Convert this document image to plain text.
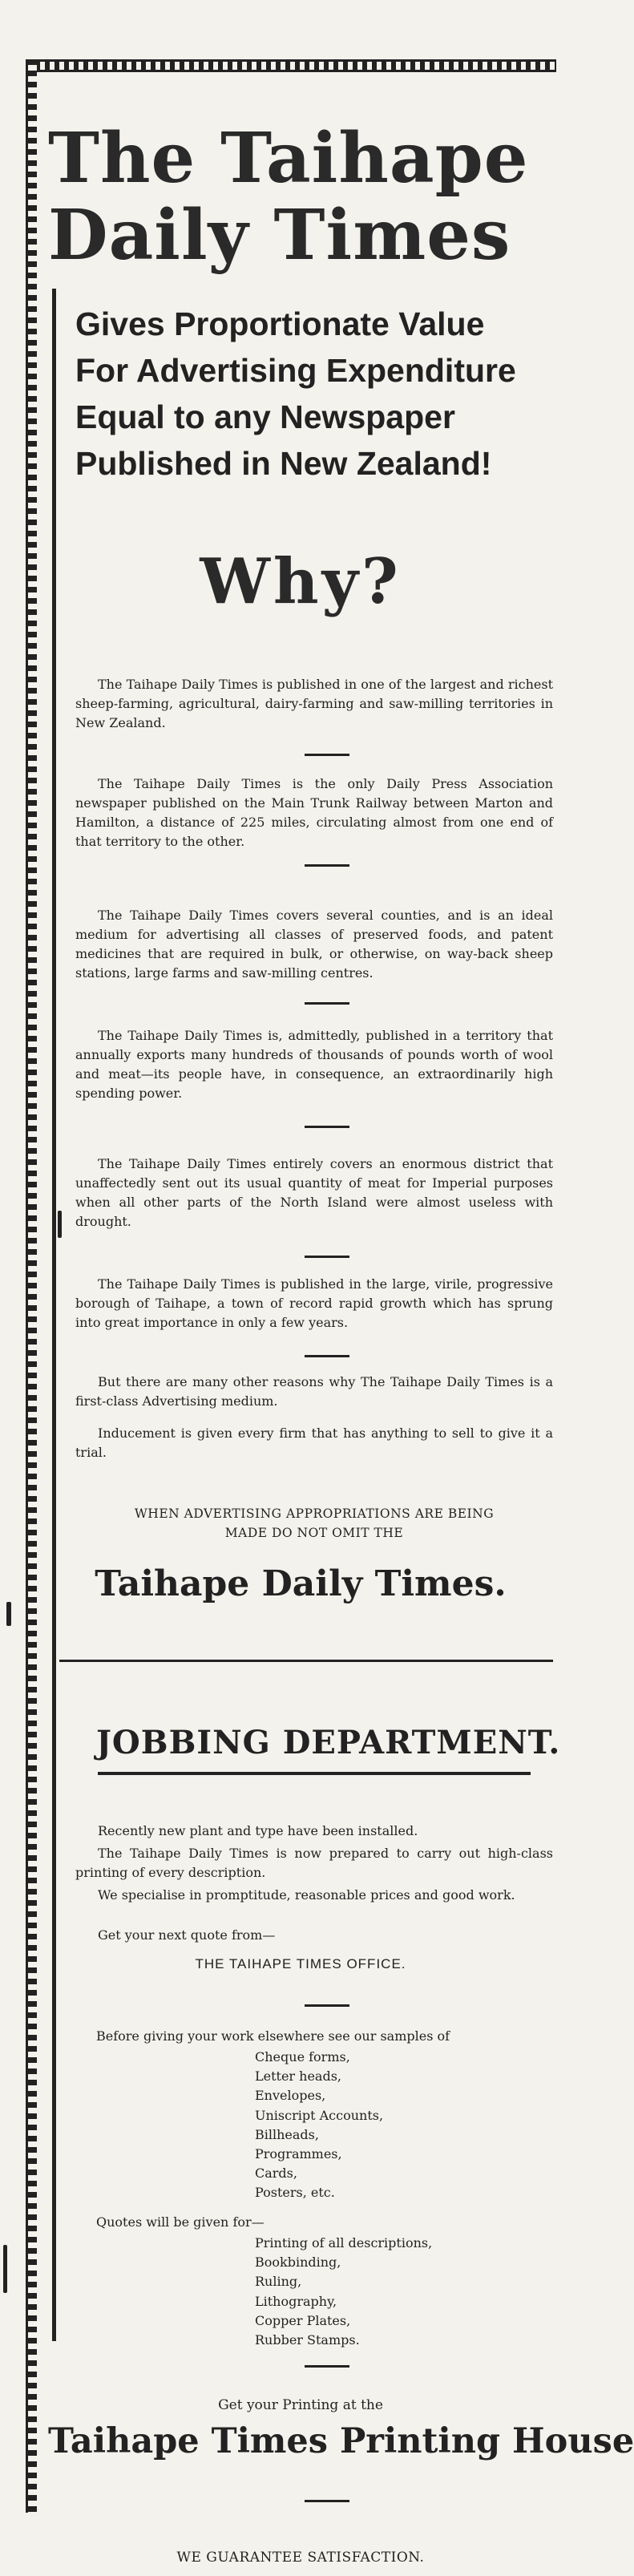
The Taihape
Daily Times
Gives Proportionate Value
For Advertising Expenditure
Equal to any Newspaper
Published in New Zealand!
Why?

The Taihape Daily Times is published in one of the largest and richest sheep-farming, agricultural, dairy-farming and saw-milling territories in New Zealand.

The Taihape Daily Times is the only Daily Press Association newspaper published on the Main Trunk Railway between Marton and Hamilton, a distance of 225 miles, circulating almost from one end of that territory to the other.

The Taihape Daily Times covers several counties, and is an ideal medium for advertising all classes of preserved foods, and patent medicines that are required in bulk, or otherwise, on way-back sheep stations, large farms and saw-milling centres.

The Taihape Daily Times is, admittedly, published in a territory that annually exports many hundreds of thousands of pounds worth of wool and meat—its people have, in consequence, an extraordinarily high spending power.

The Taihape Daily Times entirely covers an enormous district that unaffectedly sent out its usual quantity of meat for Imperial purposes when all other parts of the North Island were almost useless with drought.

The Taihape Daily Times is published in the large, virile, progressive borough of Taihape, a town of record rapid growth which has sprung into great importance in only a few years.

But there are many other reasons why The Taihape Daily Times is a first-class Advertising medium.

Inducement is given every firm that has anything to sell to give it a trial.

WHEN ADVERTISING APPROPRIATIONS ARE BEING
MADE DO NOT OMIT THE
Taihape Daily Times.
JOBBING DEPARTMENT.

Recently new plant and type have been installed.

The Taihape Daily Times is now prepared to carry out high-class printing of every description.

We specialise in promptitude, reasonable prices and good work.

Get your next quote from—

THE TAIHAPE TIMES OFFICE.
Before giving your work elsewhere see our samples of
Cheque forms,
Letter heads,
Envelopes,
Uniscript Accounts,
Billheads,
Programmes,
Cards,
Posters, etc.
Quotes will be given for—
Printing of all descriptions,
Bookbinding,
Ruling,
Lithography,
Copper Plates,
Rubber Stamps.
Get your Printing at the
Taihape Times Printing House
WE GUARANTEE SATISFACTION.
